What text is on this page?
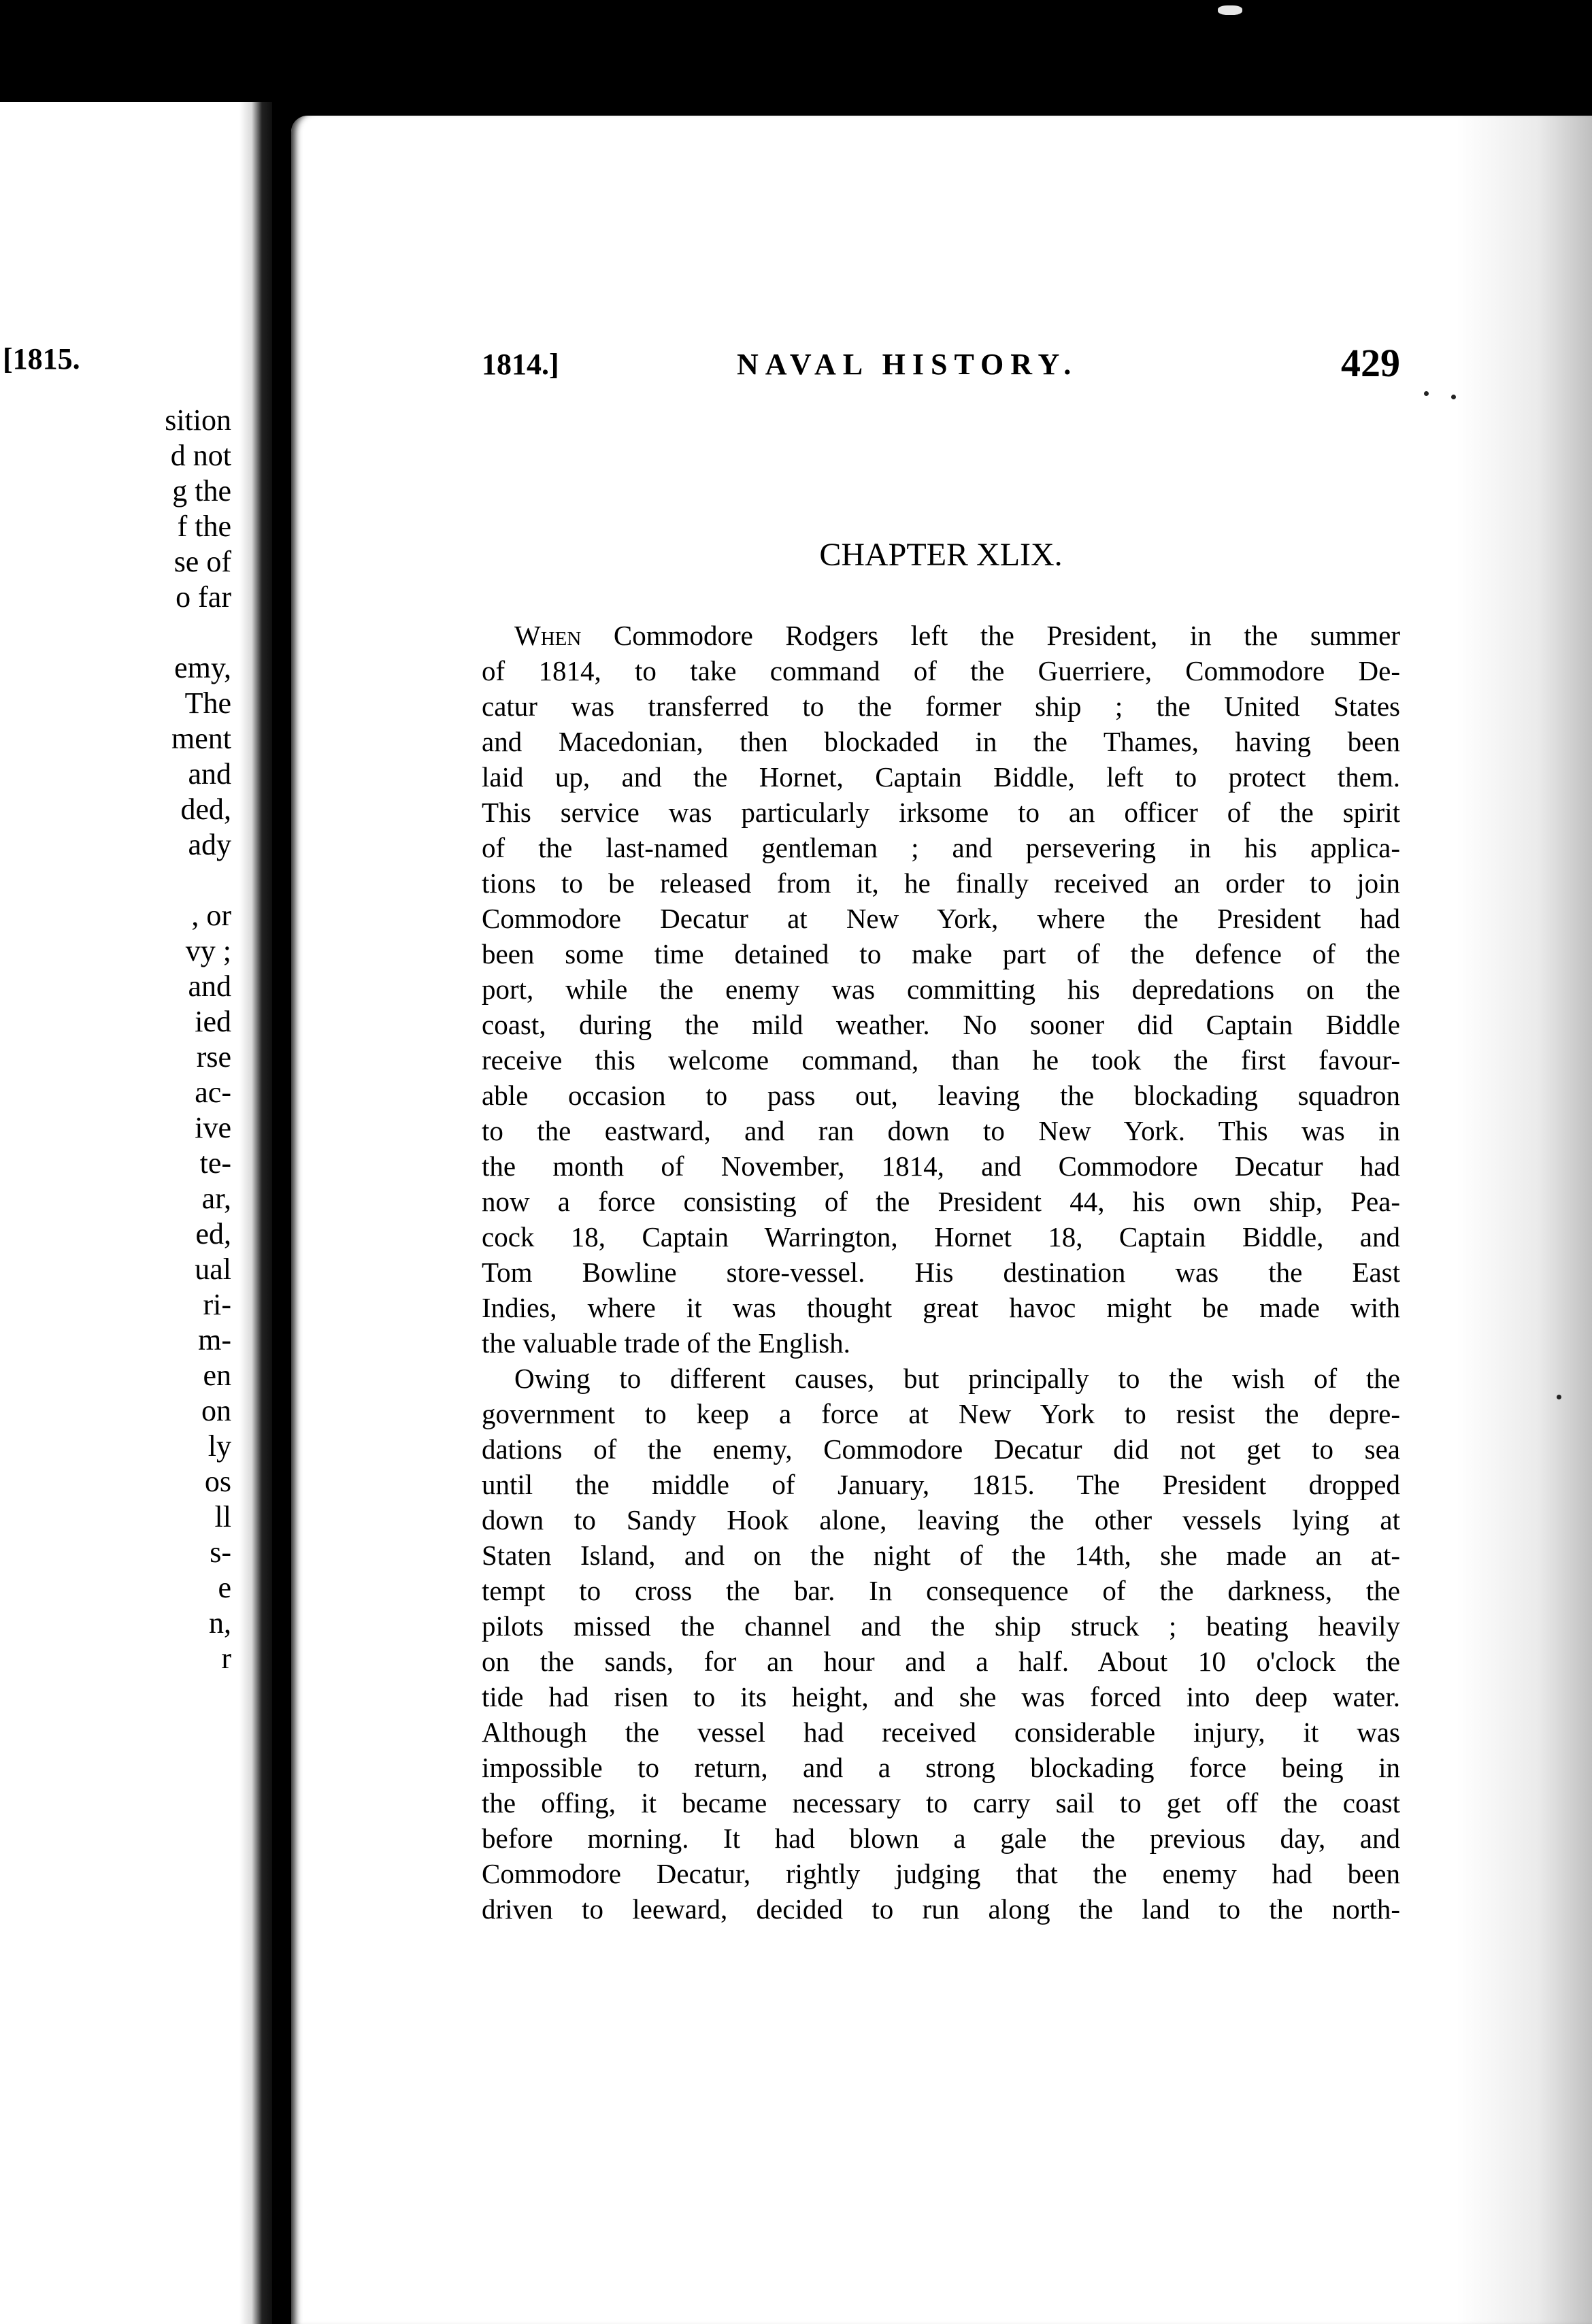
[1815.
sition
d not
g the
f the
se of
o far
emy,
The
ment
and
ded,
ady
, or
vy ;
and
ied
rse
ac-
ive
te-
ar,
ed,
ual
ri-
m-
en
on
ly
os
ll
s-
e
n,
r
1814.]	NAVAL HISTORY.	429
CHAPTER XLIX.
When Commodore Rodgers left the President, in the summer
of 1814, to take command of the Guerriere, Commodore De-
catur was transferred to the former ship ; the United States
and Macedonian, then blockaded in the Thames, having been
laid up, and the Hornet, Captain Biddle, left to protect them.
This service was particularly irksome to an officer of the spirit
of the last-named gentleman ; and persevering in his applica-
tions to be released from it, he finally received an order to join
Commodore Decatur at New York, where the President had
been some time detained to make part of the defence of the
port, while the enemy was committing his depredations on the
coast, during the mild weather. No sooner did Captain Biddle
receive this welcome command, than he took the first favour-
able occasion to pass out, leaving the blockading squadron
to the eastward, and ran down to New York. This was in
the month of November, 1814, and Commodore Decatur had
now a force consisting of the President 44, his own ship, Pea-
cock 18, Captain Warrington, Hornet 18, Captain Biddle, and
Tom Bowline store-vessel. His destination was the East
Indies, where it was thought great havoc might be made with
the valuable trade of the English.
Owing to different causes, but principally to the wish of the
government to keep a force at New York to resist the depre-
dations of the enemy, Commodore Decatur did not get to sea
until the middle of January, 1815. The President dropped
down to Sandy Hook alone, leaving the other vessels lying at
Staten Island, and on the night of the 14th, she made an at-
tempt to cross the bar. In consequence of the darkness, the
pilots missed the channel and the ship struck ; beating heavily
on the sands, for an hour and a half. About 10 o'clock the
tide had risen to its height, and she was forced into deep water.
Although the vessel had received considerable injury, it was
impossible to return, and a strong blockading force being in
the offing, it became necessary to carry sail to get off the coast
before morning. It had blown a gale the previous day, and
Commodore Decatur, rightly judging that the enemy had been
driven to leeward, decided to run along the land to the north-
